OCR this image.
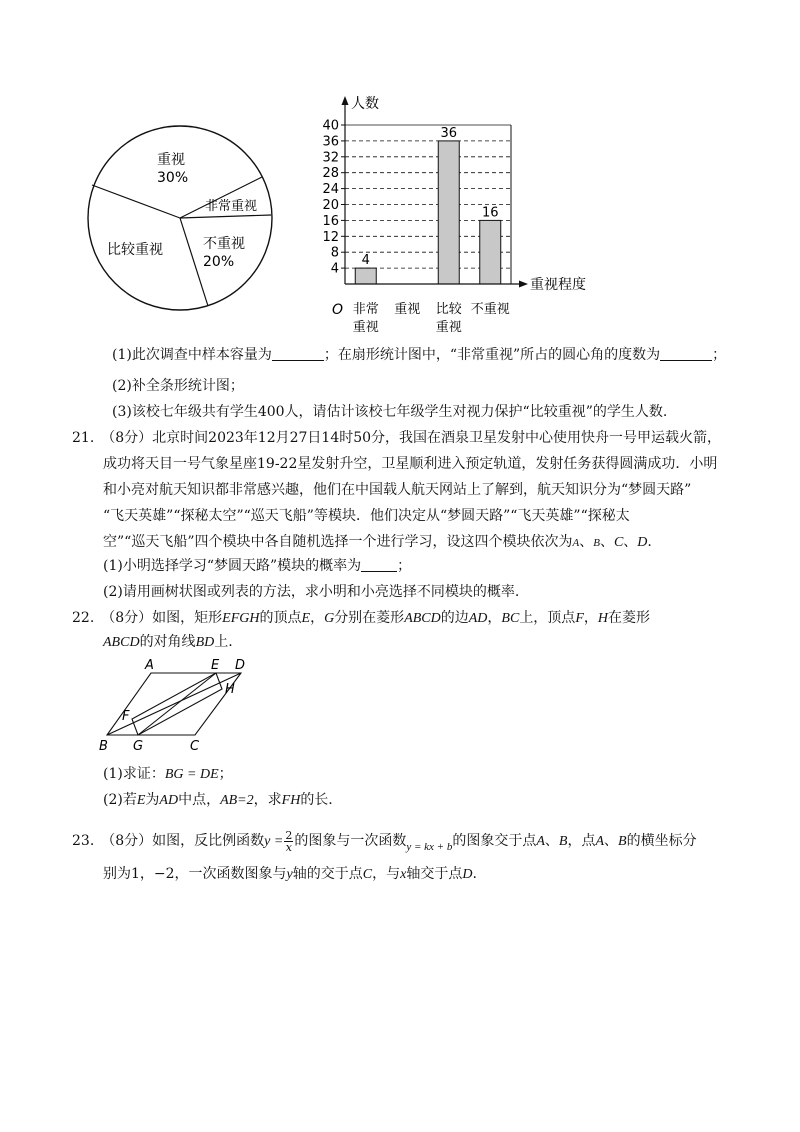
重视
30%
非常重视
不重视
20%
比较重视
40
36
32
28
24
20
16
12
8
4
4
36
16
非常
重视
重视 比较
重视
不重视
人数
重视程度
O
(1)此次调查中样本容量为	；在扇形统计图中，“非常重视”所占的圆心角的度数为	；
(2)补全条形统计图；
(3)该校七年级共有学生400人，请估计该校七年级学生对视力保护“比较重视”的学生人数.
21.　（8分）北京时间2023年12月27日14时50分，我国在酒泉卫星发射中心使用快舟一号甲运载火箭，
成功将天目一号气象星座19-22星发射升空，卫星顺利进入预定轨道，发射任务获得圆满成功．小明
和小亮对航天知识都非常感兴趣，他们在中国载人航天网站上了解到，航天知识分为“梦圆天路”
“飞天英雄”“探秘太空”“巡天飞船”等模块．他们决定从“梦圆天路”“飞天英雄”“探秘太
空”“巡天飞船”四个模块中各自随机选择一个进行学习，设这四个模块依次为A、B、C、D.
(1)小明选择学习“梦圆天路”模块的概率为	；
(2)请用画树状图或列表的方法，求小明和小亮选择不同模块的概率.
22.　（8分）如图，矩形EFGH的顶点E，G分别在菱形ABCD的边AD，BC上，顶点F，H在菱形
ABCD的对角线BD上.
A	E D
H
F
B G	C
(1)求证：BG = DE；
(2)若E为AD中点，AB=2，求FH的长.
23.　（8分）如图，反比例函数$y = \frac{2}{x}$ 的图象与一次函数$_{y = kx + b}$的图象交于点A、B，点A、B的横坐标分
别为1，−2，一次函数图象与y轴的交于点C，与x轴交于点D.
